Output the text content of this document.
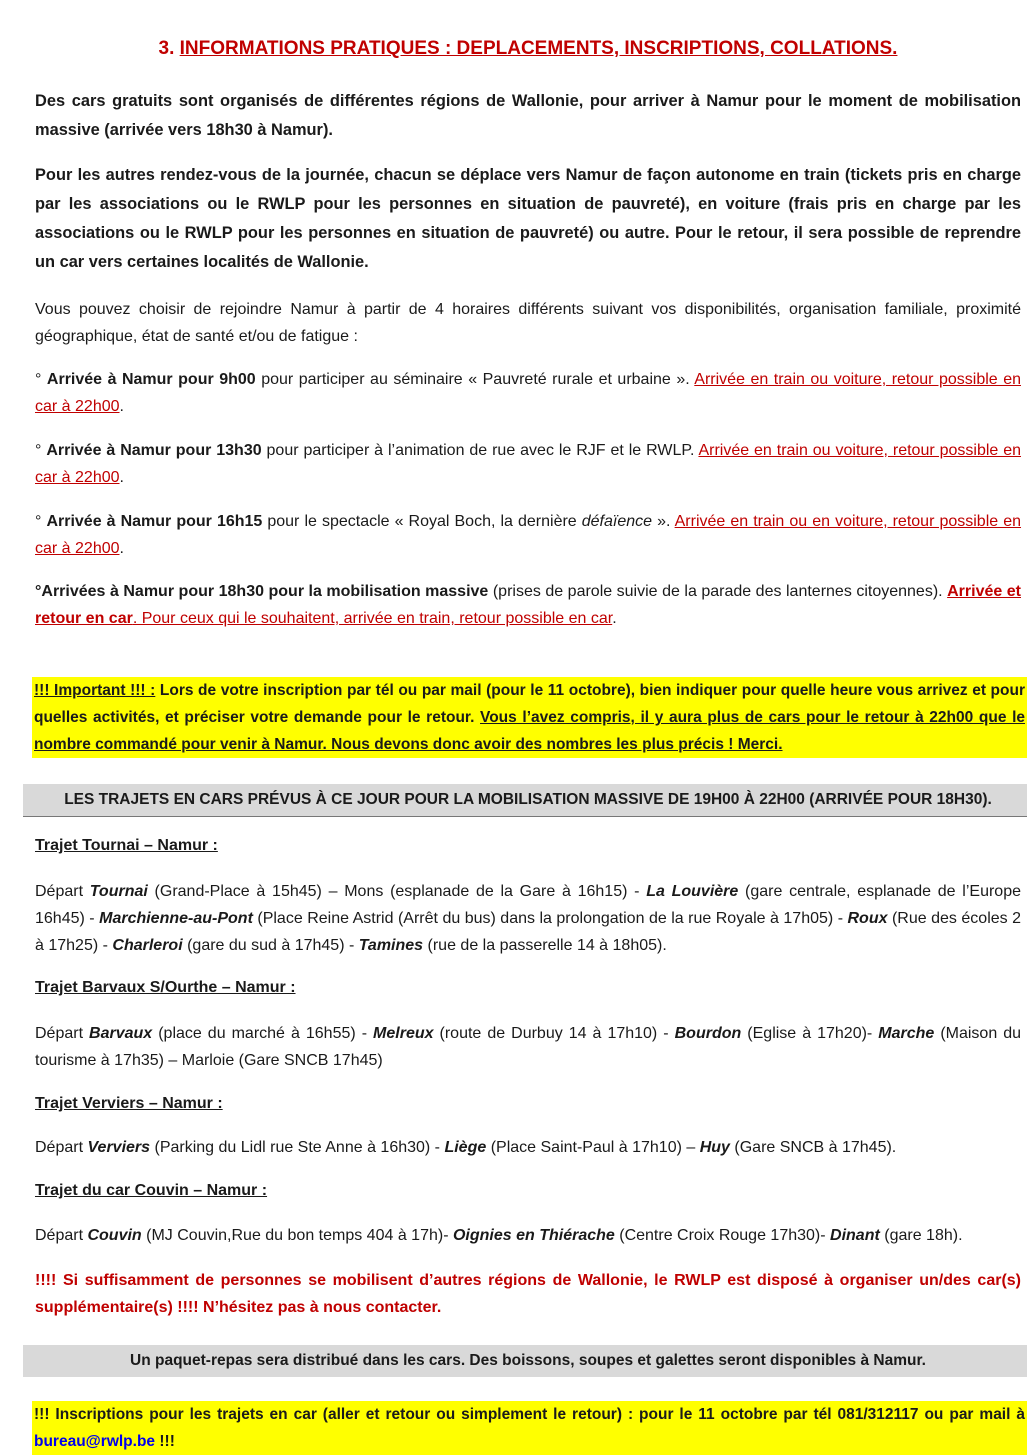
3. INFORMATIONS PRATIQUES : DEPLACEMENTS, INSCRIPTIONS, COLLATIONS.

Des cars gratuits sont organisés de différentes régions de Wallonie, pour arriver à Namur pour le moment de mobilisation massive (arrivée vers 18h30 à Namur).

Pour les autres rendez-vous de la journée, chacun se déplace vers Namur de façon autonome en train (tickets pris en charge par les associations ou le RWLP pour les personnes en situation de pauvreté), en voiture (frais pris en charge par les associations ou le RWLP pour les personnes en situation de pauvreté) ou autre. Pour le retour, il sera possible de reprendre un car vers certaines localités de Wallonie.

Vous pouvez choisir de rejoindre Namur à partir de 4 horaires différents suivant vos disponibilités, organisation familiale, proximité géographique, état de santé et/ou de fatigue :

° Arrivée à Namur pour 9h00 pour participer au séminaire « Pauvreté rurale et urbaine ». Arrivée en train ou voiture, retour possible en car à 22h00.

° Arrivée à Namur pour 13h30 pour participer à l’animation de rue avec le RJF et le RWLP. Arrivée en train ou voiture, retour possible en car à 22h00.

° Arrivée à Namur pour 16h15 pour le spectacle « Royal Boch, la dernière défaïence ». Arrivée en train ou en voiture, retour possible en car à 22h00.

°Arrivées à Namur pour 18h30 pour la mobilisation massive (prises de parole suivie de la parade des lanternes citoyennes). Arrivée et retour en car. Pour ceux qui le souhaitent, arrivée en train, retour possible en car.

!!! Important !!! : Lors de votre inscription par tél ou par mail (pour le 11 octobre), bien indiquer pour quelle heure vous arrivez et pour quelles activités, et préciser votre demande pour le retour. Vous l’avez compris, il y aura plus de cars pour le retour à 22h00 que le nombre commandé pour venir à Namur. Nous devons donc avoir des nombres les plus précis ! Merci.
LES TRAJETS EN CARS PRÉVUS À CE JOUR POUR LA MOBILISATION MASSIVE DE 19H00 À 22H00 (ARRIVÉE POUR 18H30).
Trajet Tournai – Namur :

Départ Tournai (Grand-Place à 15h45) – Mons (esplanade de la Gare à 16h15) - La Louvière (gare centrale, esplanade de l’Europe 16h45) - Marchienne-au-Pont (Place Reine Astrid (Arrêt du bus) dans la prolongation de la rue Royale à 17h05) - Roux (Rue des écoles 2 à 17h25) - Charleroi (gare du sud à 17h45) - Tamines (rue de la passerelle 14 à 18h05).

Trajet Barvaux S/Ourthe – Namur :

Départ Barvaux (place du marché à 16h55) - Melreux (route de Durbuy 14 à 17h10) - Bourdon (Eglise à 17h20)- Marche (Maison du tourisme à 17h35) – Marloie (Gare SNCB 17h45)

Trajet Verviers – Namur :

Départ Verviers (Parking du Lidl rue Ste Anne à 16h30) - Liège (Place Saint-Paul à 17h10) – Huy (Gare SNCB à 17h45).

Trajet du car Couvin – Namur :

Départ Couvin (MJ Couvin,Rue du bon temps 404 à 17h)- Oignies en Thiérache (Centre Croix Rouge 17h30)- Dinant (gare 18h).

!!!! Si suffisamment de personnes se mobilisent d’autres régions de Wallonie, le RWLP est disposé à organiser un/des car(s) supplémentaire(s) !!!! N’hésitez pas à nous contacter.

Un paquet-repas sera distribué dans les cars. Des boissons, soupes et galettes seront disponibles à Namur.
!!! Inscriptions pour les trajets en car (aller et retour ou simplement le retour) : pour le 11 octobre par tél 081/312117 ou par mail à bureau@rwlp.be !!!
